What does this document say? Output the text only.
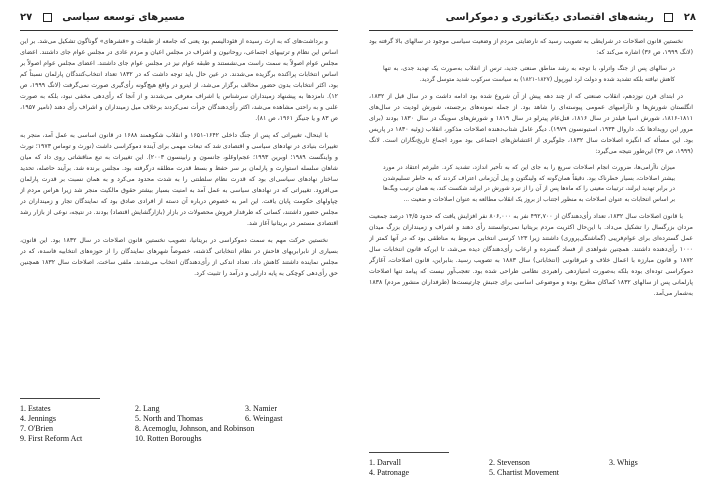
۲۷	مسیرهای توسعه سیاسی

و برداشت‌های که به ارث رسیده از فئودالیسم بود یعنی که جامعه از طبقات و «قشرهای» گوناگون تشکیل می‌شد. بر این اساس این نظام و ترتیبهای اجتماعی، روحانیون و اشراف در مجلس اعیان و مردم عادی در مجلس عوام جای داشتند. اعضای مجلس عوام اصولاً به سمت راست می‌نشستند و طبقه عوام نیز در مجلس عوام جای داشتند. اعضای مجلس عوام اصولاً بر اساس انتخابات پراکنده برگزیده می‌شدند. در عین حال باید توجه داشت که در ۱۸۳۲ تعداد انتخاب‌کنندگان پارلمان نسبتاً کم بود، اکثر انتخابات بدون حضور مخالف برگزار می‌شد، از اینرو در واقع هیچ‌گونه رأی‌گیری صورت نمی‌گرفت (لانگ ۱۹۹۹، ص ۱۲). نامزدها به پیشنهاد زمینداران سرشناس یا اشراف معرفی می‌شدند و از آنجا که رأی‌دهی مخفی نبود، بلکه به صورت علنی و به راحتی مشاهده می‌شد، اکثر رأی‌دهندگان جرأت نمی‌کردند برخلاف میل زمینداران و اشراف رأی دهند (نامیر ۱۹۵۷، ص ۸۳ و یا جنیگز ۱۹۶۱، ص ۸۱).

با اینحال، تغییراتی که پس از جنگ داخلی ۱۶۴۲-۱۶۵۱ و انقلاب شکوهمند ۱۶۸۸ در قانون اساسی به عمل آمد، منجر به تغییرات بنیادی در نهادهای سیاسی و اقتصادی شد که تبعات مهمی برای آینده دموکراسی داشت (نورث و توماس ۱۹۷۳؛ نورث و واینگست ۱۹۸۹؛ اوبرین ۱۹۹۳؛ عجم‌اوغلو، جانسون و رابینسون ۲۰۰۳). این تغییرات به تبع مناقشاتی روی داد که میان شاهان سلسله استوارت و پارلمان بر سر حفظ و بسط قدرت مطلقه درگرفته بود. مجلس برنده شد. برآیند حاصله، تحدید ساختار نهادهای سیاسی‌ای بود که قدرت نظام سلطنتی را به شدت محدود می‌کرد و به همان نسبت بر قدرت پارلمان می‌افزود. تغییراتی که در نهادهای سیاسی به عمل آمد به امنیت بسیار بیشتر حقوق مالکیت منجر شد زیرا هراس مردم از چپاولهای حکومت پایان یافت. این امر به خصوص درباره آن دسته از افرادی صادق بود که نمایندگان تجار و زمینداران در مجلس حضور داشتند، کسانی که طرفدار فروش محصولات در بازار (بازارگشایش اقتصاد) بودند. در نتیجه، نوعی از بازار رشد اقتصادی مستمر در بریتانیا آغاز شد.

نخستین حرکت مهم به سمت دموکراسی در بریتانیا، تصویب نخستین قانون اصلاحات در سال ۱۸۳۲ بود. این قانون، بسیاری از نابرابریهای فاحش در نظام انتخاباتی گذشته، خصوصاً شهرهای نمایندگان را از حوزه‌های انتخابیه فاسده، که در مجلس نماینده داشتند کاهش داد. تعداد اندکی از رأی‌دهندگان انتخاب می‌شدند. ملفی ساخت. اصلاحات سال ۱۸۳۲ همچنین حق رأی‌دهی کوچکی به پایه دارایی و درآمد را تثبیت کرد.

1. Estates	2. Lang	3. Namier
4. Jennings	5. North and Thomas	6. Weingast
7. O'Brien	8. Acemoglu, Johnson, and Robinson
9. First Reform Act	10. Rotten Boroughs
۲۸  ریشه‌های اقتصادی دیکتاتوری و دموکراسی

نخستین قانون اصلاحات در شرایطی به تصویب رسید که نارضایتی مردم از وضعیت سیاسی موجود در سالهای بالا گرفته بود (لانگ ۱۹۹۹، ص ۳۶) اشاره می‌کند که:

در سالهای پس از جنگ واترلو، با توجه به رشد مناطق صنعتی جدید، ترس از انقلاب به‌صورت یک تهدید جدی، به تنها کاهش نیافته بلکه تشدید شده و دولت لرد لیورپول (۱۸۲۷-۱۸۲۱) به سیاست سرکوب شدید متوسل گردید.

در ابتدای قرن نوزدهم، انقلاب صنعتی که از چند دهه پیش از آن شروع شده بود ادامه داشت و در سال قبل از ۱۸۳۲، انگلستان شورش‌ها و ناآرامیهای عمومی پیوسته‌ای را شاهد بود. از جمله نمونه‌های برجسته، شورش لودیت در سال‌های ۱۸۱۱-۱۸۱۶، شورش اسپا فیلدز در سال ۱۸۱۶، قتل‌عام پیترلو در سال ۱۸۱۹ و شورش‌های سوینگ در سال ۱۸۳۰ بودند (برای مرور این رویدادها نک. داروال ۱۹۳۴، استیونسون ۱۹۷۹). دیگر عامل شتاب‌دهنده اصلاحات مذکور، انقلاب ژوئیه ۱۸۳۰ در پاریس بود. این مسأله که انگیزه اصلاحات سال ۱۸۳۲، جلوگیری از اغتشاش‌های اجتماعی بود مورد اجماع تاریخ‌نگاران است. لانگ (۱۹۹۹، ص ۳۶) این‌طور نتیجه می‌گیرد:

میزان ناآرامی‌ها، ضرورت انجام اصلاحات سریع را به جای این که به تأخیر اندازد، تشدید کرد. علیرغم اعتقاد در مورد بیشتر اصلاحات، بسیار خطرناک بود. دقیقاً همان‌گونه که ولینگتون و پیل آن‌زمانی اعتراف کردند که به خاطر تسلیم‌شدن در برابر تهدید ایرلند، ترتیبات معینی را که ماه‌ها پس از آن را از نبرد شورش در ایرلند شکست کند، به همان ترتیب ویگ‌ها بر اساس انتخابات به عنوان اصلاحات به منظور اجتناب از بروز یک انقلاب مطالعه به عنوان اصلاحات و ضعیت ...

با قانون اصلاحات سال ۱۸۳۲، تعداد رأی‌دهندگان از ۴۹۲,۷۰۰ نفر به ۸۰۶,۰۰۰ نفر افزایش یافت که حدود ۱۴/۵ درصد جمعیت مردان بزرگسال را تشکیل می‌داد. با این‌حال اکثریت مردم بریتانیا نمی‌توانستند رأی دهند و اشراف و زمینداران بزرگ میدان عمل گسترده‌ای برای عوام‌فریبی (گماشتگی‌پروری) داشتند زیرا ۱۲۳ کرسی انتخابی مربوط به مناطقی بود که در آنها کمتر از ۱۰۰۰ رأی‌دهنده داشتند. همچنین شواهدی از فساد گسترده و ارعاب رأی‌دهندگان دیده می‌شد، تا این‌که قانون انتخابات سال ۱۸۷۲ و قانون مبارزه با اعمال خلاف و غیرقانونی (انتخاباتی) سال ۱۸۸۳ به تصویب رسید. بنابراین، قانون اصلاحات، آغازگر دموکراسی توده‌ای بوده‌ بلکه به‌صورت امتیازدهی راهبردی نظامی طراحی شده بود. تعجب‌آور نیست که پیامد تنها اصلاحات پارلمانی پس از سالهای ۱۸۳۲ کماکان مطرح بوده و موضوعی اساسی برای جنبش چارتیست‌ها (طرفداران منشور مردم) ۱۸۳۸ به‌شمار می‌آمد.

1. Darvall	2. Stevenson	3. Whigs
4. Patronage	5. Chartist Movement
